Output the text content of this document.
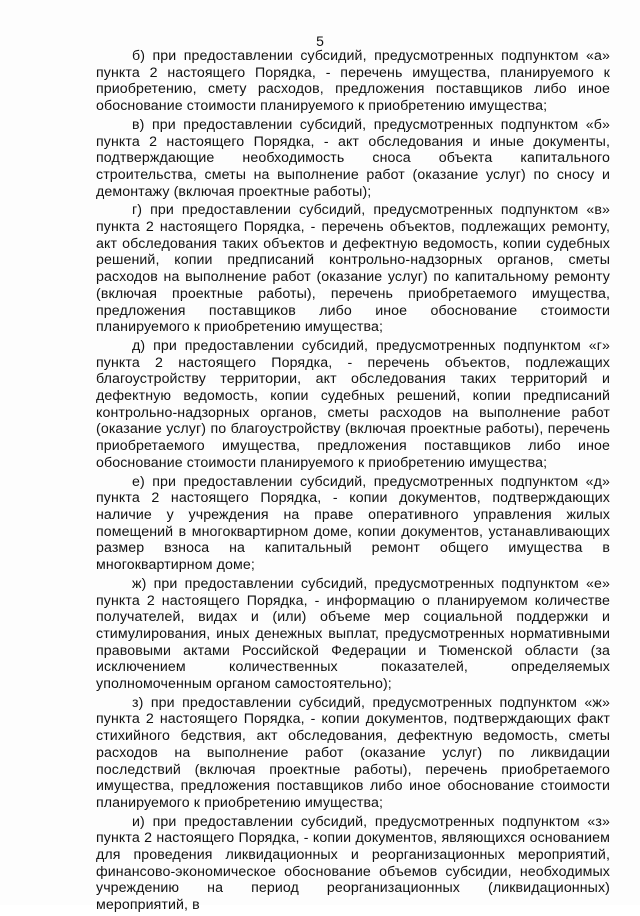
5

б) при предоставлении субсидий, предусмотренных подпунктом «а» пункта 2 настоящего Порядка, - перечень имущества, планируемого к приобретению, смету расходов, предложения поставщиков либо иное обоснование стоимости планируемого к приобретению имущества;

в) при предоставлении субсидий, предусмотренных подпунктом «б» пункта 2 настоящего Порядка, - акт обследования и иные документы, подтверждающие необходимость сноса объекта капитального строительства, сметы на выполнение работ (оказание услуг) по сносу и демонтажу (включая проектные работы);

г) при предоставлении субсидий, предусмотренных подпунктом «в» пункта 2 настоящего Порядка, - перечень объектов, подлежащих ремонту, акт обследования таких объектов и дефектную ведомость, копии судебных решений, копии предписаний контрольно-надзорных органов, сметы расходов на выполнение работ (оказание услуг) по капитальному ремонту (включая проектные работы), перечень приобретаемого имущества, предложения поставщиков либо иное обоснование стоимости планируемого к приобретению имущества;

д) при предоставлении субсидий, предусмотренных подпунктом «г» пункта 2 настоящего Порядка, - перечень объектов, подлежащих благоустройству территории, акт обследования таких территорий и дефектную ведомость, копии судебных решений, копии предписаний контрольно-надзорных органов, сметы расходов на выполнение работ (оказание услуг) по благоустройству (включая проектные работы), перечень приобретаемого имущества, предложения поставщиков либо иное обоснование стоимости планируемого к приобретению имущества;

е) при предоставлении субсидий, предусмотренных подпунктом «д» пункта 2 настоящего Порядка, - копии документов, подтверждающих наличие у учреждения на праве оперативного управления жилых помещений в многоквартирном доме, копии документов, устанавливающих размер взноса на капитальный ремонт общего имущества в многоквартирном доме;

ж) при предоставлении субсидий, предусмотренных подпунктом «е» пункта 2 настоящего Порядка, - информацию о планируемом количестве получателей, видах и (или) объеме мер социальной поддержки и стимулирования, иных денежных выплат, предусмотренных нормативными правовыми актами Российской Федерации и Тюменской области (за исключением количественных показателей, определяемых уполномоченным органом самостоятельно);

з) при предоставлении субсидий, предусмотренных подпунктом «ж» пункта 2 настоящего Порядка, - копии документов, подтверждающих факт стихийного бедствия, акт обследования, дефектную ведомость, сметы расходов на выполнение работ (оказание услуг) по ликвидации последствий (включая проектные работы), перечень приобретаемого имущества, предложения поставщиков либо иное обоснование стоимости планируемого к приобретению имущества;

и) при предоставлении субсидий, предусмотренных подпунктом «з» пункта 2 настоящего Порядка, - копии документов, являющихся основанием для проведения ликвидационных и реорганизационных мероприятий, финансово-экономическое обоснование объемов субсидии, необходимых учреждению на период реорганизационных (ликвидационных) мероприятий, в
